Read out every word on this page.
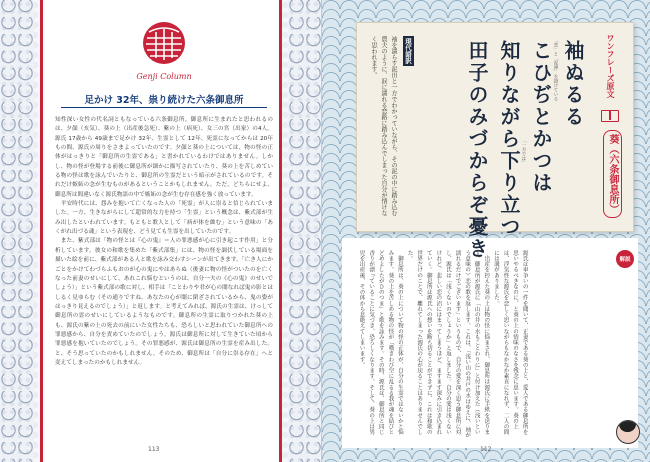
Genji Column
足かけ 32年、祟り続けた六条御息所
知性深い女性の代名詞ともなっている六条御息所。御息所に生まれたと思われるのは、夕顔（亥気）、葵の上（出産後急死）、紫の上（病死）、女三の宮（出家）の4人。源氏 17歳から 49歳まで足かけ 32年、生霊として 12年、死霊になってからは 20年もの間、源氏の周りをさまよっていたのです。夕顔と葵の上については、物の怪の正体がはっきりと「御息所の生霊である」と書かれているわけではありません。しかし、物の怪が登場する前後に御息所が細かに描写されていたり、葵の上を苦しめている物の怪は歌を詠んでいたりと、御息所の生霊だという暗示がされているのです。それだけ嫉妬の念が生むものがあるということかもしれません。ただ、どちらにせよ、御息所は間違いなく源氏物語の中で嫉妬の念が生む存在感を強く放っています。
　平安時代には、怨みを抱いて亡くなった人の「死霊」が人に祟ると信じられていました。一方、生きながらにして超常的な力を持つ「生霊」という概念は、紫式部が生み出したといわれています。もともと歌人として「病が体を蝕む」という意味の「あくがれ出づる魂」という表現を、どう見ても生霊を出していたのです。
　また、紫式部は「物の怪とは『心の鬼』＝人の罪悪感が心に引き起こす作用」と分析しています。彼女の和歌を集めた「紫式部集」には、物の怪を調伏している場面を描いた絵を前に、紫式部がある人と歌を詠み交わすシーンが出てきます。「亡き人にかごとをかけてわづらふもおのが心の鬼にやはあらぬ（後妻に物の怪がついたのを亡くなった前妻のせいにして、あれこれ悩むというのは、自分一夫の《心の鬼》のせいでしょう）」という紫式部の歌に対し、相手は「ことわりや君が心の闇なれば鬼の影とはしるく見ゆらむ（その通りですね。あなたの心が闇に閉ざされているから、鬼の姿がはっきり見えるのでしょう）」と返します。と考えてみれば、源氏の生霊は、けっして御息所の霊のせいにしているようなものです。御息所の生霊に取りつかれた葵の上も、源氏の紫の上の死去の前にいた女性たちも、恐ろしいと思われていた御息所への罪悪感から、自分を責めていたのでしょう。源氏は御息所に対して生きていた頃から罪悪感を抱いていたのでしょう。その罪悪感が、源氏は御息所の生霊を産み出した。と、そう思っていたのかもしれません。そのため、御息所は「自分に祟る存在」へと変えてしまったのかもしれません。
113
ワンフレーズ原文
葵（六条御息所）
袖ぬるる
「恋」と「泥濘」を掛けている
こひぢとかつは
「一方では」
知りながら下り立つ
田子のみづからぞ憂き
現代語訳
袖を濡らす泥田と一方でわかっていながら、その泥の中に踏み込む農夫のように、涙に濡れる恋路に踏み込んでしまった自分が情けなく思われます。
解説
源氏は車争いの一件を聞いて、正妻である葵の上と、愛人である御息所を思いやるべきなのに、と葵の上の情味のなさを残念に思います。葵の上は、浮気性な源氏を恋しく思いながらもなかなか素直になれず、二人の間には溝がありました。
　出産を控えた葵の上は物の怪に悩まされ、御息所は源氏に手紙を送ります。御息所が源氏に「山の井の水もことわりに」と付け加えた（浅いという意味の）恋の歌を返します。これは、「浅い山の井戸の水はゆえに、袖が濡れるだけでございます」というもので、自分の愛を深く思う御息所に対し、源氏は「浅くないのでしょうか」と返しました。自分の愛は浅くないけれど、悲しい恋の沼にはまってしまうほど、ますます深みに引き込まれていく。御息所は源氏への想いを断ち切ることができずに、これは和歌の世界だけのことで、離れてしまった源氏の心が戻ることはありませんでした。
　御息所は、葵の上について物の怪の正体が、自分の生霊ではないかと悩みます。葵の上を苦しめる物の怪が「嘆きわび空に乱るる我が魂を結びとどめよしたがひのつま」と歌を詠みます。その時、源氏は、御息所と同じ香りが漂っていることに気づき、恐ろしくなります。そして、葵の上は男児を出産後、その体から息絶えてしまいます。
112
